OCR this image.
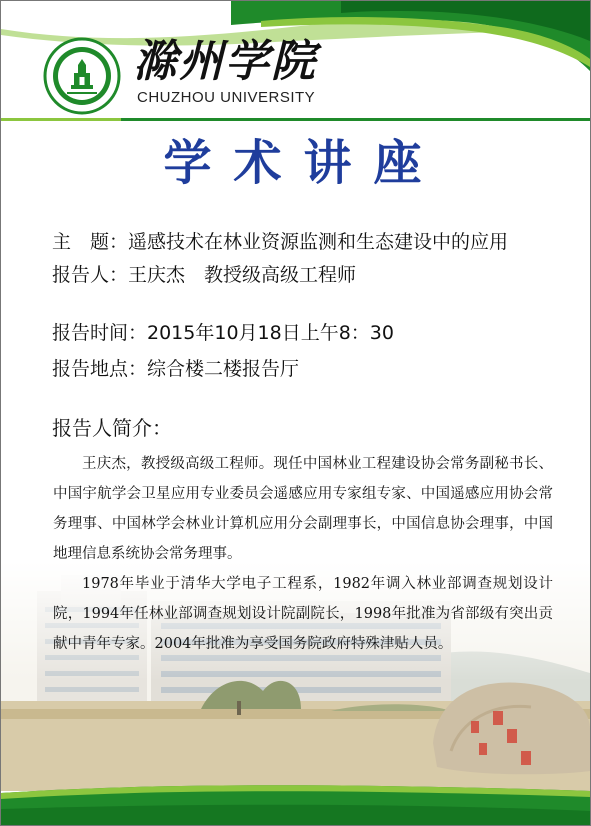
滁州学院
CHUZHOU UNIVERSITY
学术讲座
主　题：遥感技术在林业资源监测和生态建设中的应用
报告人：王庆杰　教授级高级工程师
报告时间：2015年10月18日上午8：30
报告地点：综合楼二楼报告厅
报告人简介：

王庆杰，教授级高级工程师。现任中国林业工程建设协会常务副秘书长、中国宇航学会卫星应用专业委员会遥感应用专家组专家、中国遥感应用协会常务理事、中国林学会林业计算机应用分会副理事长，中国信息协会理事，中国地理信息系统协会常务理事。

1978年毕业于清华大学电子工程系，1982年调入林业部调查规划设计院，1994年任林业部调查规划设计院副院长，1998年批准为省部级有突出贡献中青年专家。2004年批准为享受国务院政府特殊津贴人员。
